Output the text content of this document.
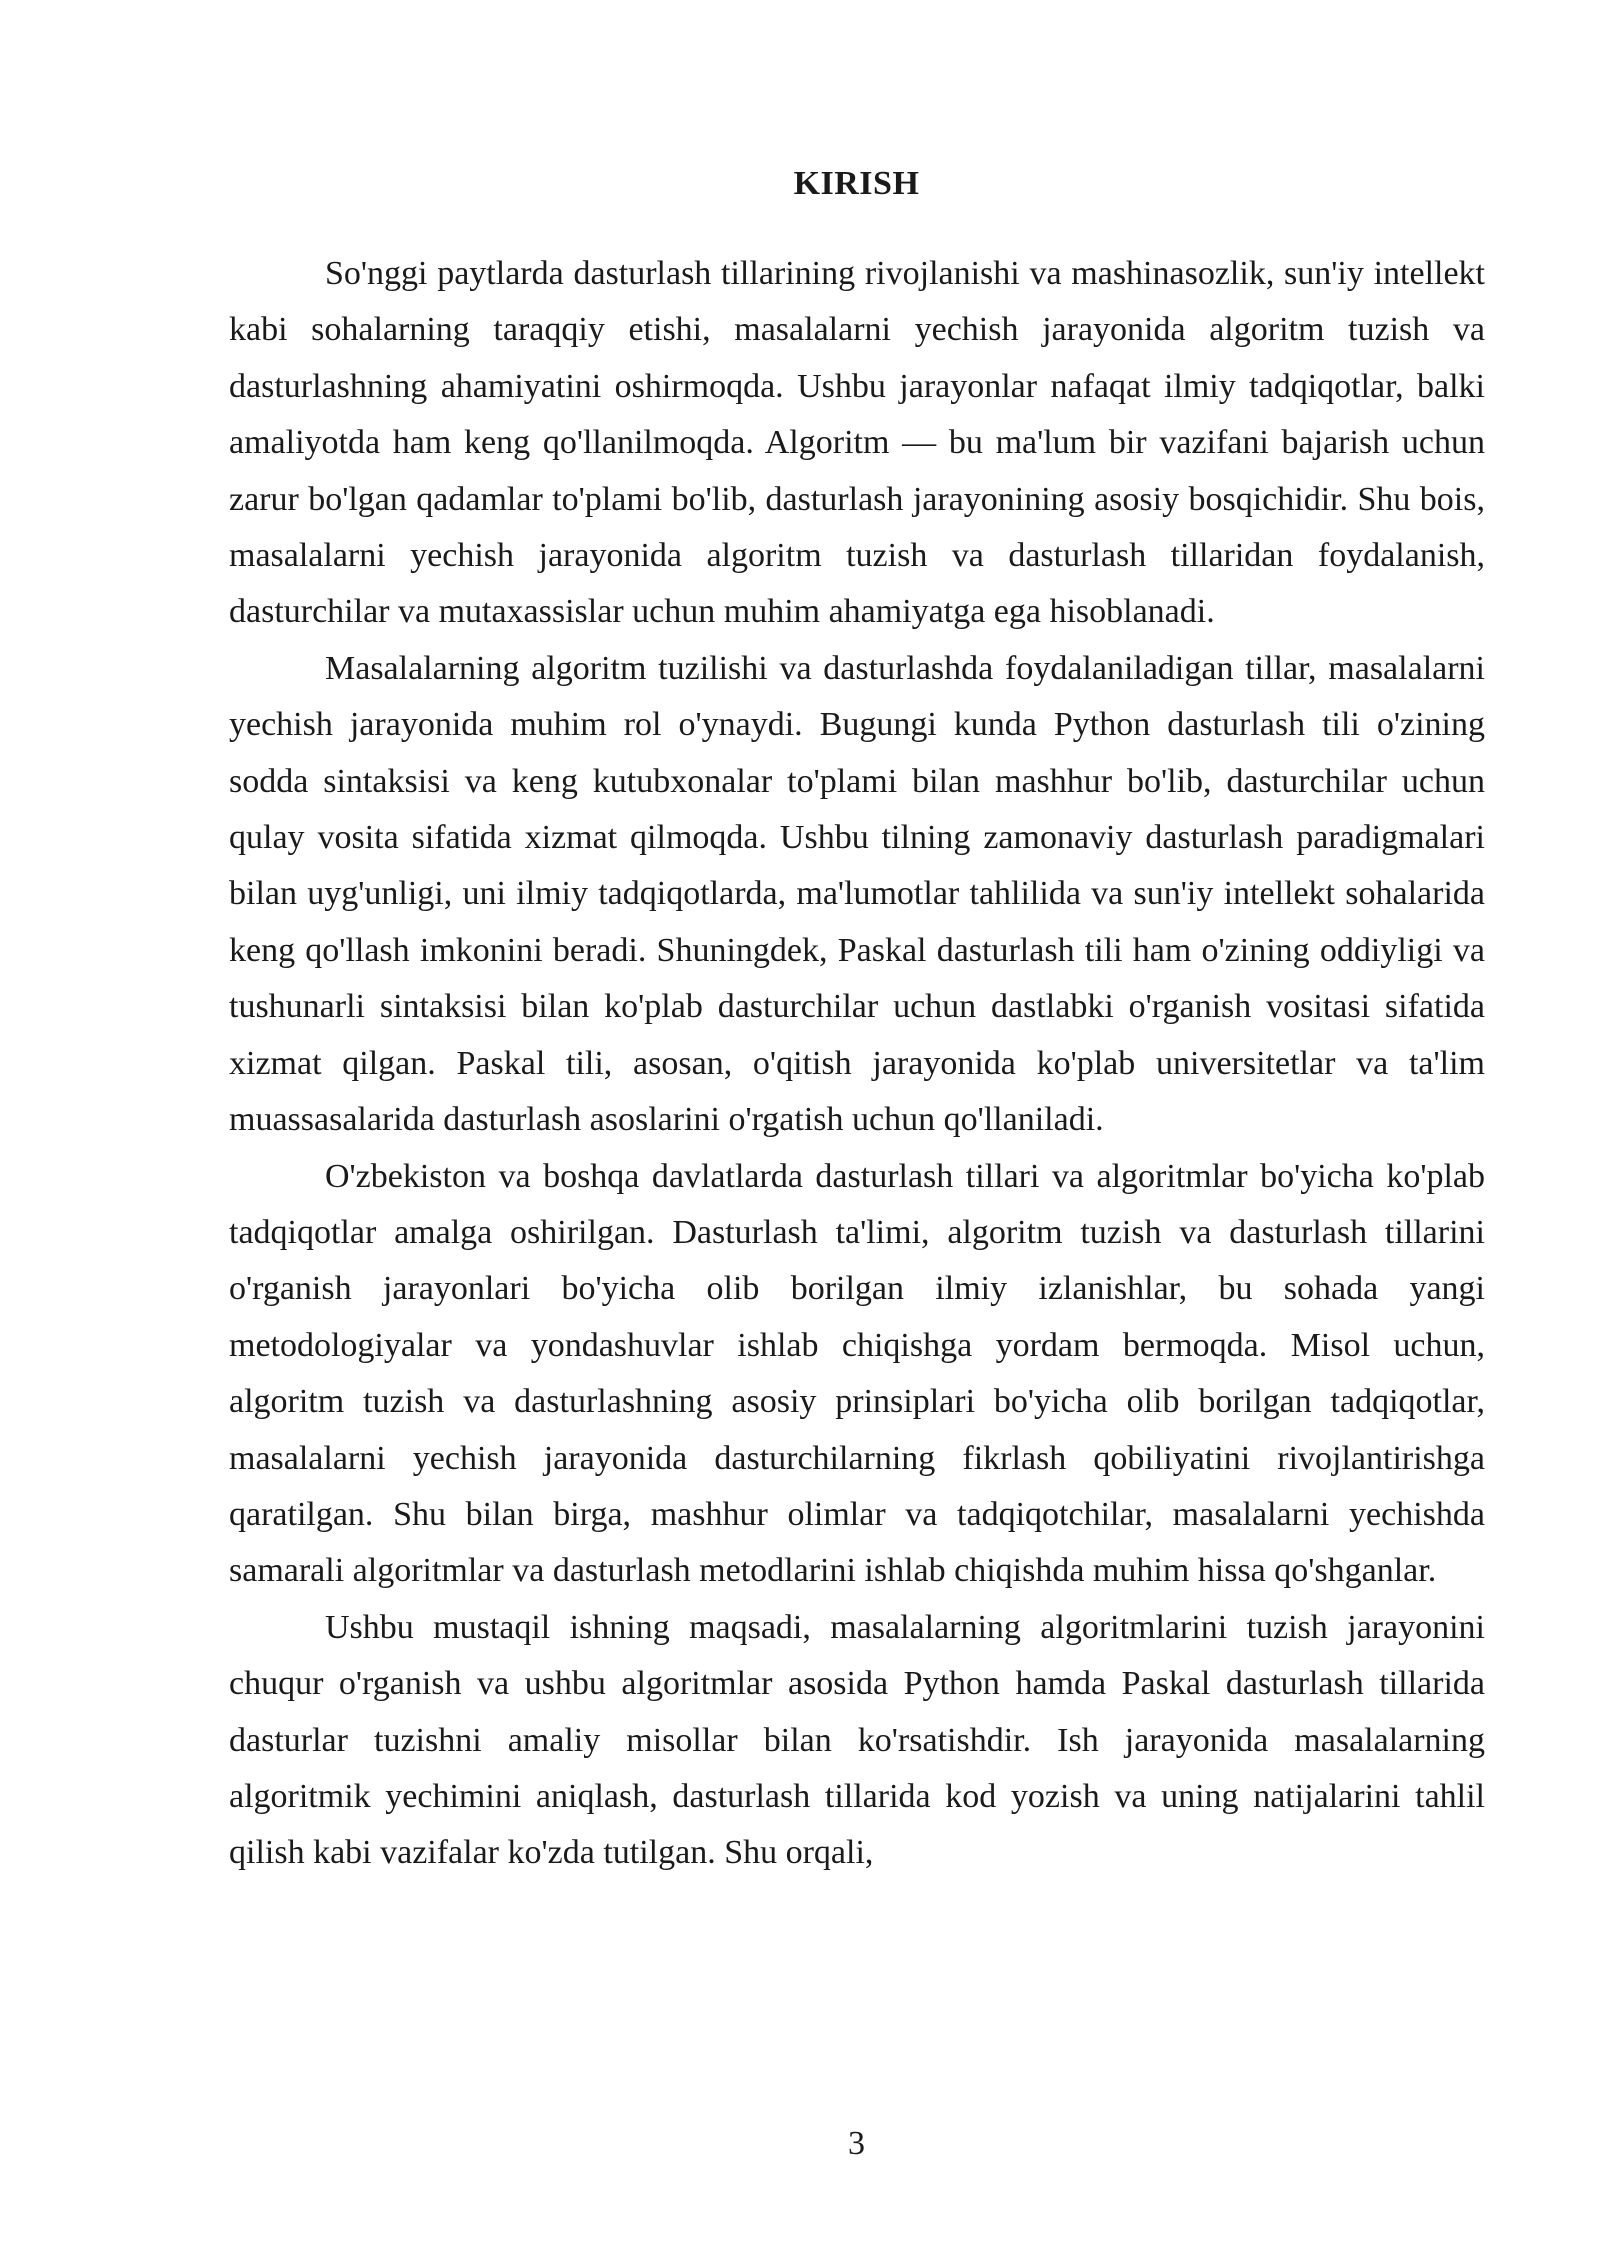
KIRISH

So'nggi paytlarda dasturlash tillarining rivojlanishi va mashinasozlik, sun'iy intellekt kabi sohalarning taraqqiy etishi, masalalarni yechish jarayonida algoritm tuzish va dasturlashning ahamiyatini oshirmoqda. Ushbu jarayonlar nafaqat ilmiy tadqiqotlar, balki amaliyotda ham keng qo'llanilmoqda. Algoritm — bu ma'lum bir vazifani bajarish uchun zarur bo'lgan qadamlar to'plami bo'lib, dasturlash jarayonining asosiy bosqichidir. Shu bois, masalalarni yechish jarayonida algoritm tuzish va dasturlash tillaridan foydalanish, dasturchilar va mutaxassislar uchun muhim ahamiyatga ega hisoblanadi.

Masalalarning algoritm tuzilishi va dasturlashda foydalaniladigan tillar, masalalarni yechish jarayonida muhim rol o'ynaydi. Bugungi kunda Python dasturlash tili o'zining sodda sintaksisi va keng kutubxonalar to'plami bilan mashhur bo'lib, dasturchilar uchun qulay vosita sifatida xizmat qilmoqda. Ushbu tilning zamonaviy dasturlash paradigmalari bilan uyg'unligi, uni ilmiy tadqiqotlarda, ma'lumotlar tahlilida va sun'iy intellekt sohalarida keng qo'llash imkonini beradi. Shuningdek, Paskal dasturlash tili ham o'zining oddiyligi va tushunarli sintaksisi bilan ko'plab dasturchilar uchun dastlabki o'rganish vositasi sifatida xizmat qilgan. Paskal tili, asosan, o'qitish jarayonida ko'plab universitetlar va ta'lim muassasalarida dasturlash asoslarini o'rgatish uchun qo'llaniladi.

O'zbekiston va boshqa davlatlarda dasturlash tillari va algoritmlar bo'yicha ko'plab tadqiqotlar amalga oshirilgan. Dasturlash ta'limi, algoritm tuzish va dasturlash tillarini o'rganish jarayonlari bo'yicha olib borilgan ilmiy izlanishlar, bu sohada yangi metodologiyalar va yondashuvlar ishlab chiqishga yordam bermoqda. Misol uchun, algoritm tuzish va dasturlashning asosiy prinsiplari bo'yicha olib borilgan tadqiqotlar, masalalarni yechish jarayonida dasturchilarning fikrlash qobiliyatini rivojlantirishga qaratilgan. Shu bilan birga, mashhur olimlar va tadqiqotchilar, masalalarni yechishda samarali algoritmlar va dasturlash metodlarini ishlab chiqishda muhim hissa qo'shganlar.

Ushbu mustaqil ishning maqsadi, masalalarning algoritmlarini tuzish jarayonini chuqur o'rganish va ushbu algoritmlar asosida Python hamda Paskal dasturlash tillarida dasturlar tuzishni amaliy misollar bilan ko'rsatishdir. Ish jarayonida masalalarning algoritmik yechimini aniqlash, dasturlash tillarida kod yozish va uning natijalarini tahlil qilish kabi vazifalar ko'zda tutilgan. Shu orqali,

3
